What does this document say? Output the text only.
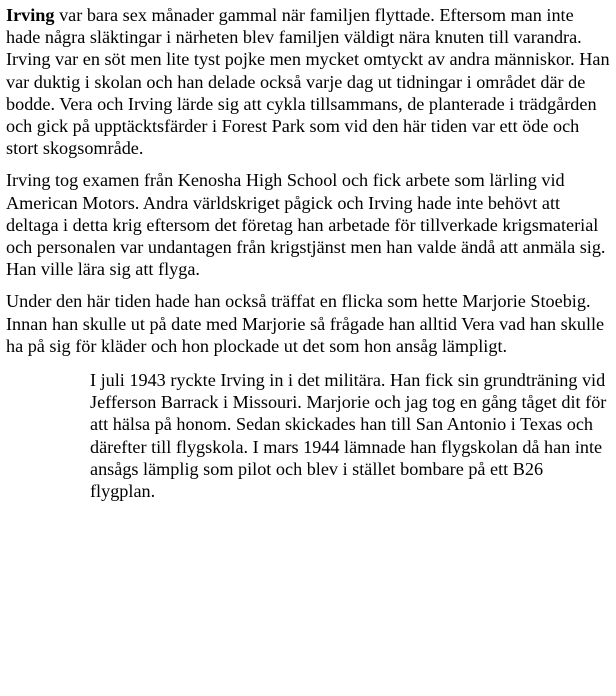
Irving var bara sex månader gammal när familjen flyttade. Eftersom man inte hade några släktingar i närheten blev familjen väldigt nära knuten till varandra. Irving var en söt men lite tyst pojke men mycket omtyckt av andra människor. Han var duktig i skolan och han delade också varje dag ut tidningar i området där de bodde. Vera och Irving lärde sig att cykla tillsammans, de planterade i trädgården och gick på upptäcktsfärder i Forest Park som vid den här tiden var ett öde och stort skogsområde.

Irving tog examen från Kenosha High School och fick arbete som lärling vid American Motors. Andra världskriget pågick och Irving hade inte behövt att deltaga i detta krig eftersom det företag han arbetade för tillverkade krigsmaterial och personalen var undantagen från krigstjänst men han valde ändå att anmäla sig. Han ville lära sig att flyga.

Under den här tiden hade han också träffat en flicka som hette Marjorie Stoebig. Innan han skulle ut på date med Marjorie så frågade han alltid Vera vad han skulle ha på sig för kläder och hon plockade ut det som hon ansåg lämpligt.

I juli 1943 ryckte Irving in i det militära. Han fick sin grundträning vid Jefferson Barrack i Missouri. Marjorie och jag tog en gång tåget dit för att hälsa på honom. Sedan skickades han till San Antonio i Texas och därefter till flygskola. I mars 1944 lämnade han flygskolan då han inte ansågs lämplig som pilot och blev i stället bombare på ett B26 flygplan.
